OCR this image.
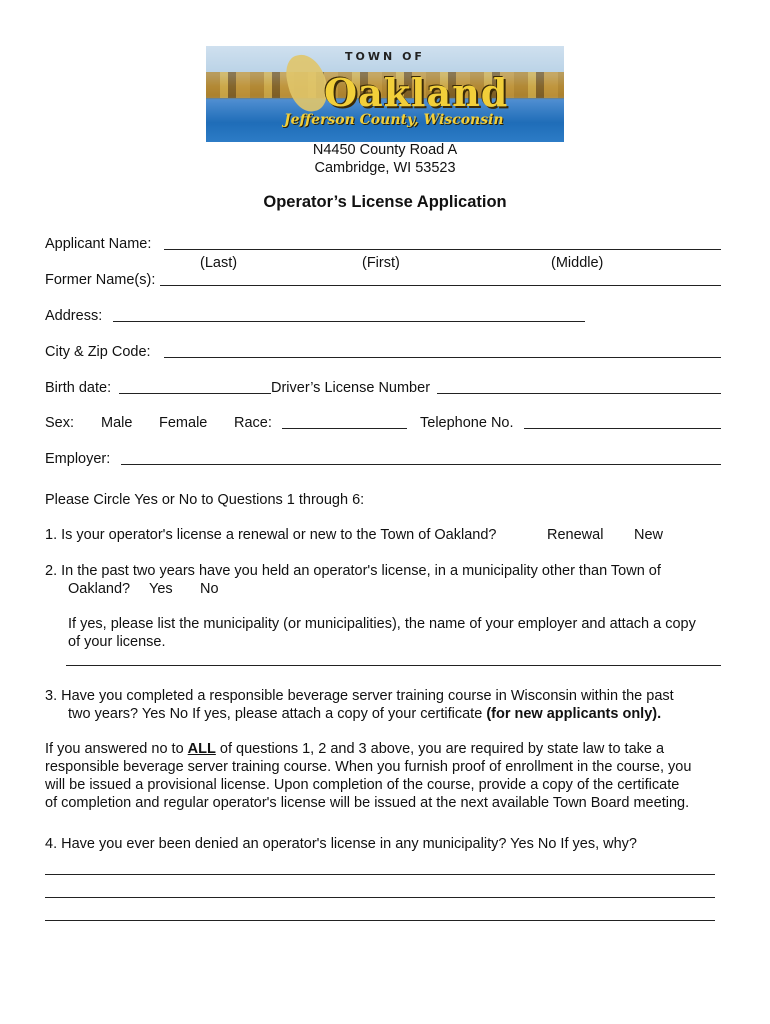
TOWN OF
Oakland
Jefferson County, Wisconsin
N4450 County Road A
Cambridge, WI 53523
Operator’s License Application
Applicant Name:
(Last)	(First)	(Middle)
Former Name(s):
Address:
City & Zip Code:
Birth date:	Driver’s License Number
Sex: Male Female Race:	Telephone No.
Employer:
Please Circle Yes or No to Questions 1 through 6:
1. Is your operator's license a renewal or new to the Town of Oakland?	Renewal New
2. In the past two years have you held an operator's license, in a municipality other than Town of
Oakland? Yes No
If yes, please list the municipality (or municipalities), the name of your employer and attach a copy
of your license.
3. Have you completed a responsible beverage server training course in Wisconsin within the past
two years? Yes No If yes, please attach a copy of your certificate (for new applicants only).
If you answered no to ALL of questions 1, 2 and 3 above, you are required by state law to take a
responsible beverage server training course. When you furnish proof of enrollment in the course, you
will be issued a provisional license. Upon completion of the course, provide a copy of the certificate
of completion and regular operator's license will be issued at the next available Town Board meeting.
4. Have you ever been denied an operator's license in any municipality? Yes No If yes, why?
